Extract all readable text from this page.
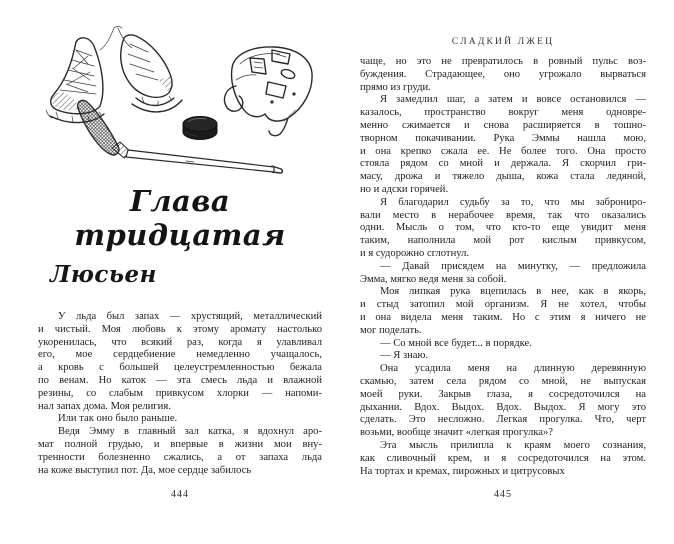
Глава
тридцатая
Люсьен
У льда был запах — хрустящий, металлический
и чистый. Моя любовь к этому аромату настолько
укоренилась, что всякий раз, когда я улавливал
его, мое сердцебиение немедленно учащалось,
а кровь с большей целеустремленностью бежала
по венам. Но каток — эта смесь льда и влажной
резины, со слабым привкусом хлорки — напоми-
нал запах дома. Моя религия.
Или так оно было раньше.
Ведя Эмму в главный зал катка, я вдохнул аро-
мат полной грудью, и впервые в жизни мои вну-
тренности болезненно сжались, а от запаха льда
на коже выступил пот. Да, мое сердце забилось
444
СЛАДКИЙ ЛЖЕЦ
чаще, но это не превратилось в ровный пульс воз-
буждения. Страдающее, оно угрожало вырваться
прямо из груди.
Я замедлил шаг, а затем и вовсе остановился —
казалось, пространство вокруг меня одновре-
менно сжимается и снова расширяется в тошно-
творном покачивании. Рука Эммы нашла мою,
и она крепко сжала ее. Не более того. Она просто
стояла рядом со мной и держала. Я скорчил гри-
масу, дрожа и тяжело дыша, кожа стала ледяной,
но и адски горячей.
Я благодарил судьбу за то, что мы заброниро-
вали место в нерабочее время, так что оказались
одни. Мысль о том, что кто-то еще увидит меня
таким, наполнила мой рот кислым привкусом,
и я судорожно сглотнул.
— Давай присядем на минутку, — предложила
Эмма, мягко ведя меня за собой.
Моя липкая рука вцепилась в нее, как в якорь,
и стыд затопил мой организм. Я не хотел, чтобы
и она видела меня таким. Но с этим я ничего не
мог поделать.
— Со мной все будет... в порядке.
— Я знаю.
Она усадила меня на длинную деревянную
скамью, затем села рядом со мной, не выпуская
моей руки. Закрыв глаза, я сосредоточился на
дыхании. Вдох. Выдох. Вдох. Выдох. Я могу это
сделать. Это несложно. Легкая прогулка. Что, черт
возьми, вообще значит «легкая прогулка»?
Эта мысль прилипла к краям моего сознания,
как сливочный крем, и я сосредоточился на этом.
На тортах и кремах, пирожных и цитрусовых
445
